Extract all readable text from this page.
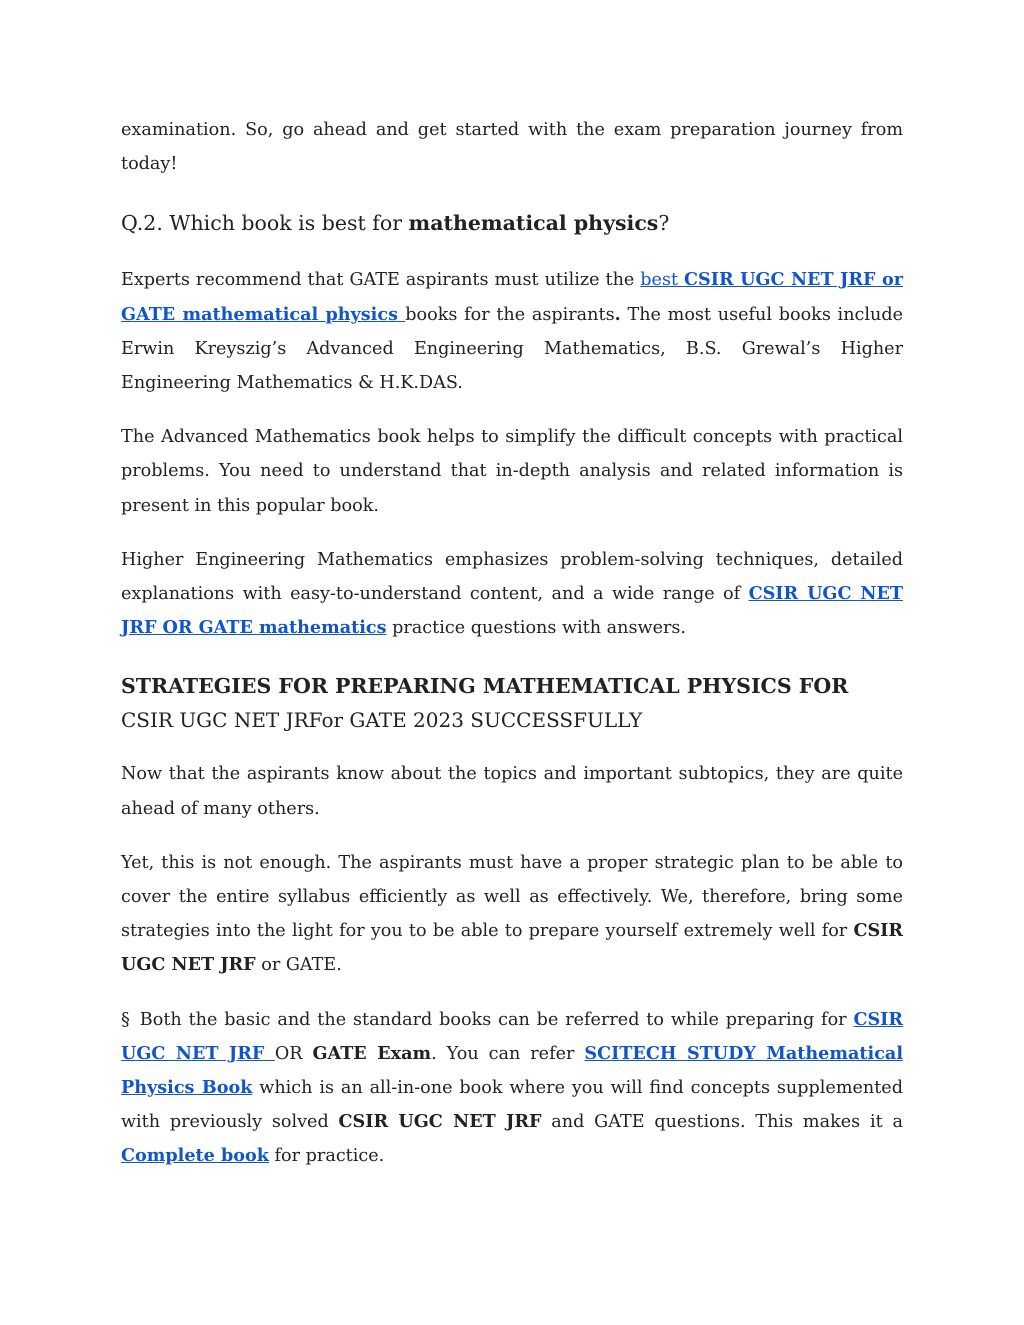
examination. So, go ahead and get started with the exam preparation journey from today!

Q.2. Which book is best for mathematical physics?

Experts recommend that GATE aspirants must utilize the best CSIR UGC NET JRF or GATE mathematical physics books for the aspirants. The most useful books include Erwin Kreyszig’s Advanced Engineering Mathematics, B.S. Grewal’s Higher Engineering Mathematics & H.K.DAS.

The Advanced Mathematics book helps to simplify the difficult concepts with practical problems. You need to understand that in-depth analysis and related information is present in this popular book.

Higher Engineering Mathematics emphasizes problem-solving techniques, detailed explanations with easy-to-understand content, and a wide range of CSIR UGC NET JRF OR GATE mathematics practice questions with answers.

STRATEGIES FOR PREPARING MATHEMATICAL PHYSICS FOR

CSIR UGC NET JRFor GATE 2023 SUCCESSFULLY

Now that the aspirants know about the topics and important subtopics, they are quite ahead of many others.

Yet, this is not enough. The aspirants must have a proper strategic plan to be able to cover the entire syllabus efficiently as well as effectively. We, therefore, bring some strategies into the light for you to be able to prepare yourself extremely well for CSIR UGC NET JRF or GATE.

§ Both the basic and the standard books can be referred to while preparing for CSIR UGC NET JRF OR GATE Exam. You can refer SCITECH STUDY Mathematical Physics Book which is an all-in-one book where you will find concepts supplemented with previously solved CSIR UGC NET JRF and GATE questions. This makes it a Complete book for practice.
